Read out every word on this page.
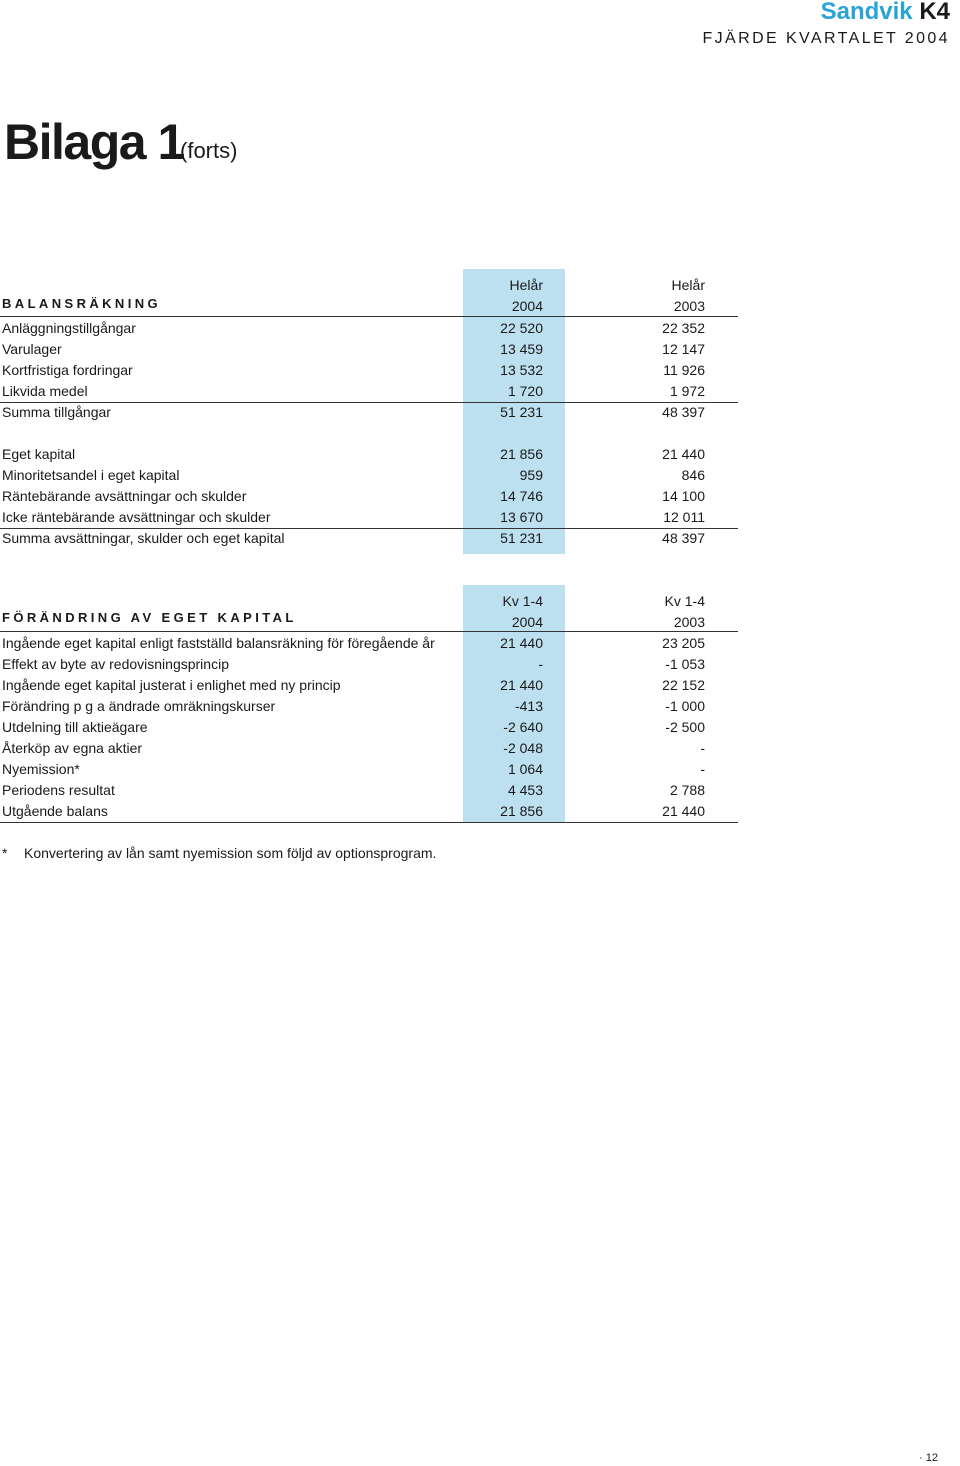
Sandvik K4
FJÄRDE KVARTALET 2004
Bilaga 1
(forts)
Helår	Helår
BALANSRÄKNING	2004	2003
Anläggningstillgångar	22 520	22 352
Varulager	13 459	12 147
Kortfristiga fordringar	13 532	11 926
Likvida medel	1 720	1 972
Summa tillgångar	51 231	48 397
Eget kapital	21 856	21 440
Minoritetsandel i eget kapital	959	846
Räntebärande avsättningar och skulder	14 746	14 100
Icke räntebärande avsättningar och skulder	13 670	12 011
Summa avsättningar, skulder och eget kapital	51 231	48 397
Kv 1-4	Kv 1-4
FÖRÄNDRING AV EGET KAPITAL	2004	2003
Ingående eget kapital enligt fastställd balansräkning för föregående år	21 440	23 205
Effekt av byte av redovisningsprincip	-	-1 053
Ingående eget kapital justerat i enlighet med ny princip	21 440	22 152
Förändring p g a ändrade omräkningskurser	-413	-1 000
Utdelning till aktieägare	-2 640	-2 500
Återköp av egna aktier	-2 048	-
Nyemission*	1 064	-
Periodens resultat	4 453	2 788
Utgående balans	21 856	21 440
* Konvertering av lån samt nyemission som följd av optionsprogram.
· 12
